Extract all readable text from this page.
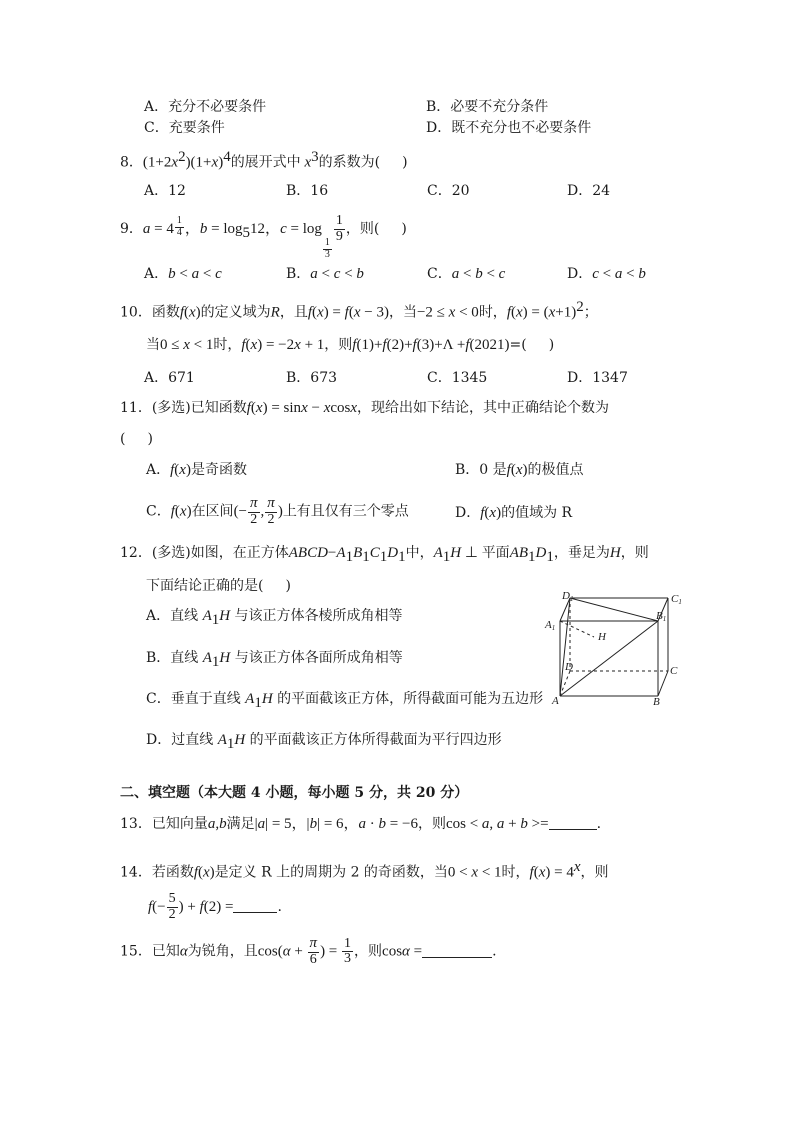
A．充分不必要条件	B．必要不充分条件
C．充要条件	D．既不充分也不必要条件
8．$(1+2x^2)(1+x)^4$的展开式中 $x^3$的系数为( )
A．12	B．16	C．20	D．24
9．$a = 4 \frac{1}{4}$ ，$b = \log_512$，c = log
$\frac{1}{3}$
$\frac{1}{9}$ ，则( )
A．b < a < c	B．a < c < b	C．a < b < c	D．c < a < b
10．函数f(x)的定义域为R，且f(x) = f(x − 3)，当−2 ≤ x < 0时，$f(x) = (x+1)^2$；
当0 ≤ x < 1时，f(x) = −2x + 1，则f(1)+f(2)+f(3)+Λ +f(2021)=( )
A．671	B．673	C．1345	D．1347
11．(多选)已知函数f(x) = sinx − xcosx，现给出如下结论，其中正确结论个数为
( )
A．f(x)是奇函数	B．0 是f(x)的极值点
C．f(x)在区间(− $\frac{\pi}{2}$ , $\frac{\pi}{2}$ )上有且仅有三个零点	D．f(x)的值域为 R
12．(多选)如图，在正方体$ABCD-A_1B_1C_1D_1$中，$A_1H$ ⊥ 平面$AB_1D_1$，垂足为H，则
下面结论正确的是( )
A．直线 $A_1H$ 与该正方体各棱所成角相等
B．直线 $A_1H$ 与该正方体各面所成角相等
C．垂直于直线 $A_1H$ 的平面截该正方体，所得截面可能为五边形
D．过直线 $A_1H$ 的平面截该正方体所得截面为平行四边形
D1	C1
A1
B1
H
D	C
A	B
二、填空题（本大题 4 小题，每小题 5 分，共 20 分）
13．已知向量a,b满足|a| = 5，|b| = 6，a · b = −6，则cos < a, a + b >=	.
14．若函数f(x)是定义 R 上的周期为 2 的奇函数，当0 < x < 1时，$f(x) = 4^x$，则
$f(- \frac{5}{2}$ ) + f(2) =	.
15．已知α为锐角，且$\cos(\alpha + \frac{\pi}{6}$ ) = $\frac{1}{3}$ ，则cosα =	.
